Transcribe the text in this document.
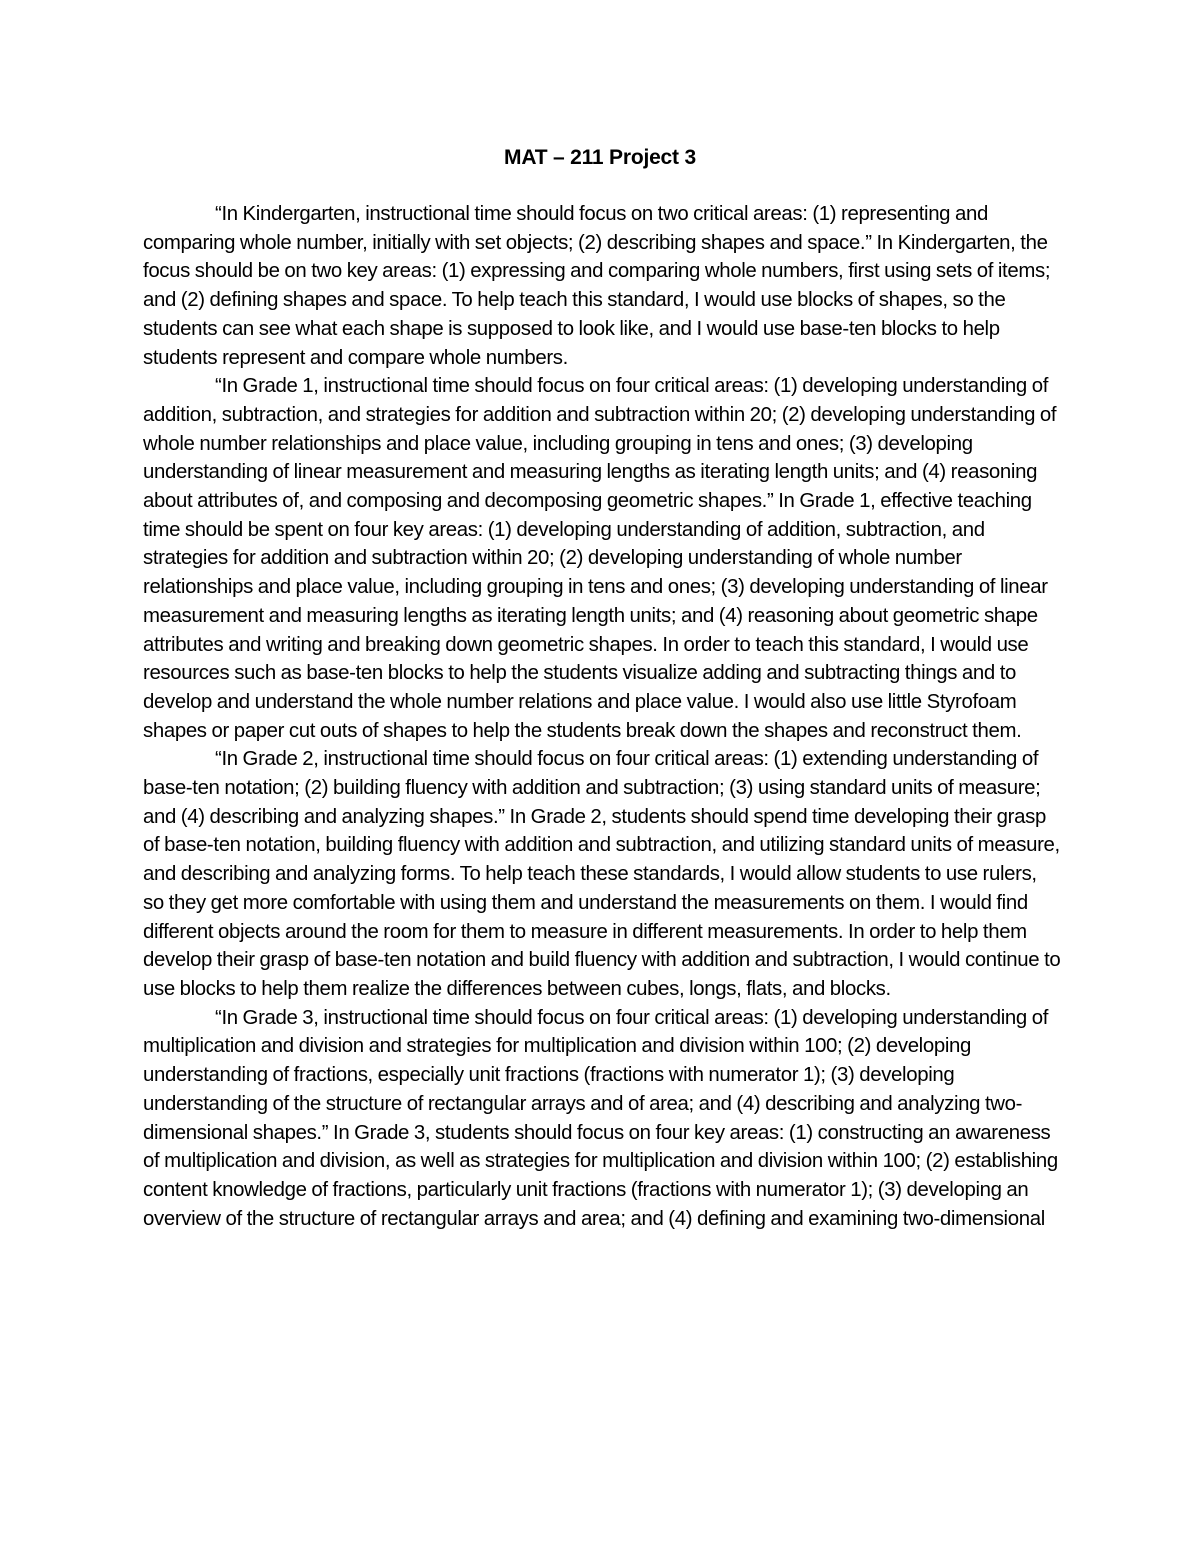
MAT – 211 Project 3

“In Kindergarten, instructional time should focus on two critical areas: (1) representing and comparing whole number, initially with set objects; (2) describing shapes and space.” In Kindergarten, the focus should be on two key areas: (1) expressing and comparing whole numbers, first using sets of items; and (2) defining shapes and space. To help teach this standard, I would use blocks of shapes, so the students can see what each shape is supposed to look like, and I would use base-ten blocks to help students represent and compare whole numbers.

“In Grade 1, instructional time should focus on four critical areas: (1) developing understanding of addition, subtraction, and strategies for addition and subtraction within 20; (2) developing understanding of whole number relationships and place value, including grouping in tens and ones; (3) developing understanding of linear measurement and measuring lengths as iterating length units; and (4) reasoning about attributes of, and composing and decomposing geometric shapes.” In Grade 1, effective teaching time should be spent on four key areas: (1) developing understanding of addition, subtraction, and strategies for addition and subtraction within 20; (2) developing understanding of whole number relationships and place value, including grouping in tens and ones; (3) developing understanding of linear measurement and measuring lengths as iterating length units; and (4) reasoning about geometric shape attributes and writing and breaking down geometric shapes. In order to teach this standard, I would use resources such as base-ten blocks to help the students visualize adding and subtracting things and to develop and understand the whole number relations and place value. I would also use little Styrofoam shapes or paper cut outs of shapes to help the students break down the shapes and reconstruct them.

“In Grade 2, instructional time should focus on four critical areas: (1) extending understanding of base-ten notation; (2) building fluency with addition and subtraction; (3) using standard units of measure; and (4) describing and analyzing shapes.” In Grade 2, students should spend time developing their grasp of base-ten notation, building fluency with addition and subtraction, and utilizing standard units of measure, and describing and analyzing forms. To help teach these standards, I would allow students to use rulers, so they get more comfortable with using them and understand the measurements on them. I would find different objects around the room for them to measure in different measurements. In order to help them develop their grasp of base-ten notation and build fluency with addition and subtraction, I would continue to use blocks to help them realize the differences between cubes, longs, flats, and blocks.

“In Grade 3, instructional time should focus on four critical areas: (1) developing understanding of multiplication and division and strategies for multiplication and division within 100; (2) developing understanding of fractions, especially unit fractions (fractions with numerator 1); (3) developing understanding of the structure of rectangular arrays and of area; and (4) describing and analyzing two-dimensional shapes.” In Grade 3, students should focus on four key areas: (1) constructing an awareness of multiplication and division, as well as strategies for multiplication and division within 100; (2) establishing content knowledge of fractions, particularly unit fractions (fractions with numerator 1); (3) developing an overview of the structure of rectangular arrays and area; and (4) defining and examining two-dimensional
